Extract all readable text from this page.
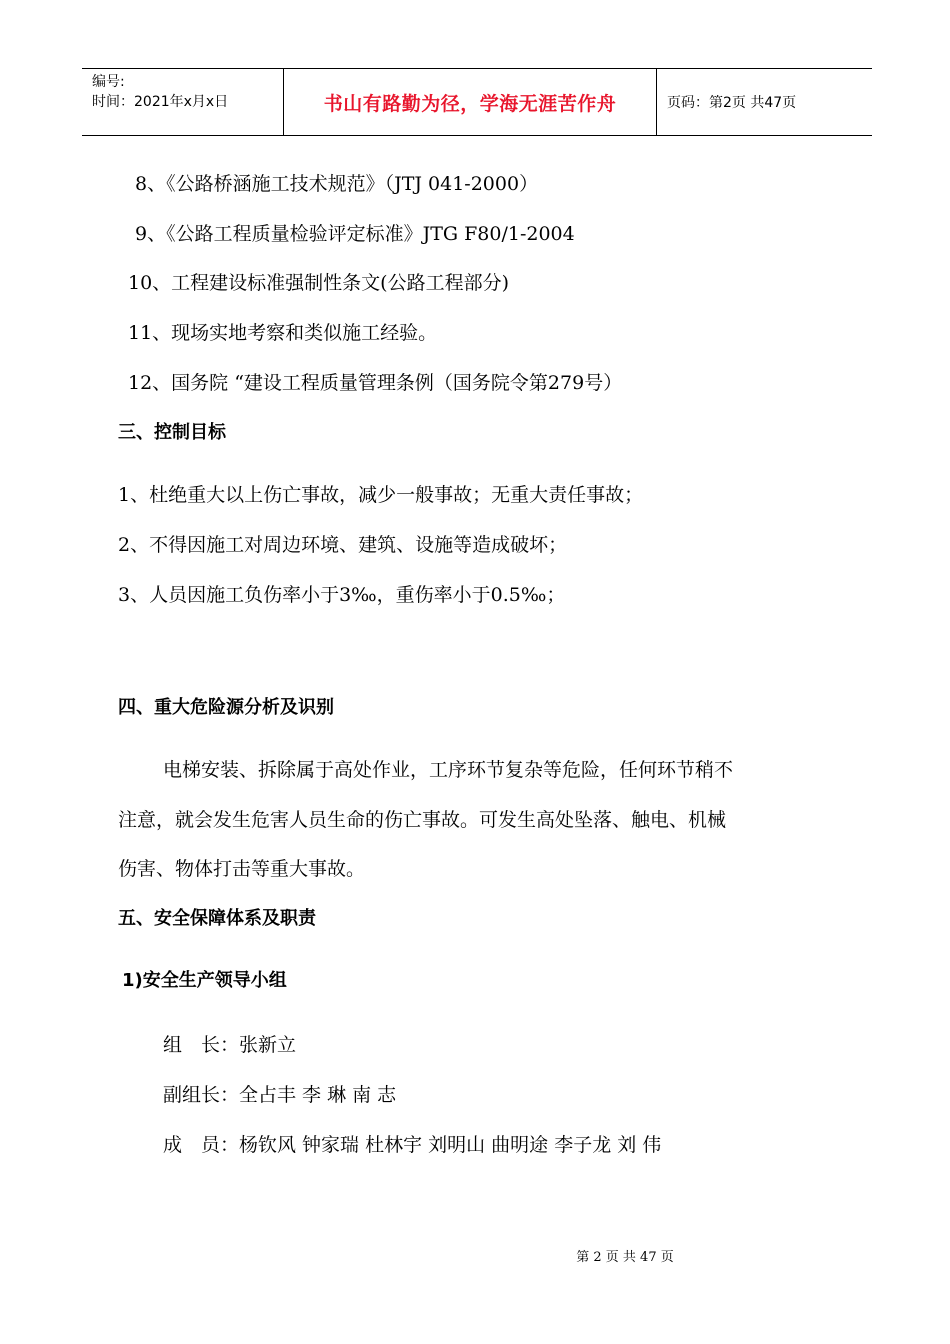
编号:
时间：2021年x月x日	书山有路勤为径，学海无涯苦作舟	页码：第2页 共47页
8、《公路桥涵施工技术规范》（JTJ 041-2000）
9、《公路工程质量检验评定标准》JTG F80/1-2004
10、工程建设标准强制性条文(公路工程部分)
11、现场实地考察和类似施工经验。
12、国务院 “建设工程质量管理条例（国务院令第279号）
三、控制目标
1、杜绝重大以上伤亡事故，减少一般事故；无重大责任事故；
2、不得因施工对周边环境、建筑、设施等造成破坏；
3、人员因施工负伤率小于3‰，重伤率小于0.5‰；
四、重大危险源分析及识别
电梯安装、拆除属于高处作业，工序环节复杂等危险，任何环节稍不
注意，就会发生危害人员生命的伤亡事故。可发生高处坠落、触电、机械
伤害、物体打击等重大事故。
五、安全保障体系及职责
1)安全生产领导小组
组　长：张新立
副组长：全占丰 李 琳 南 志
成　员：杨钦风 钟家瑞 杜林宇 刘明山 曲明途 李子龙 刘 伟
第 2 页 共 47 页
